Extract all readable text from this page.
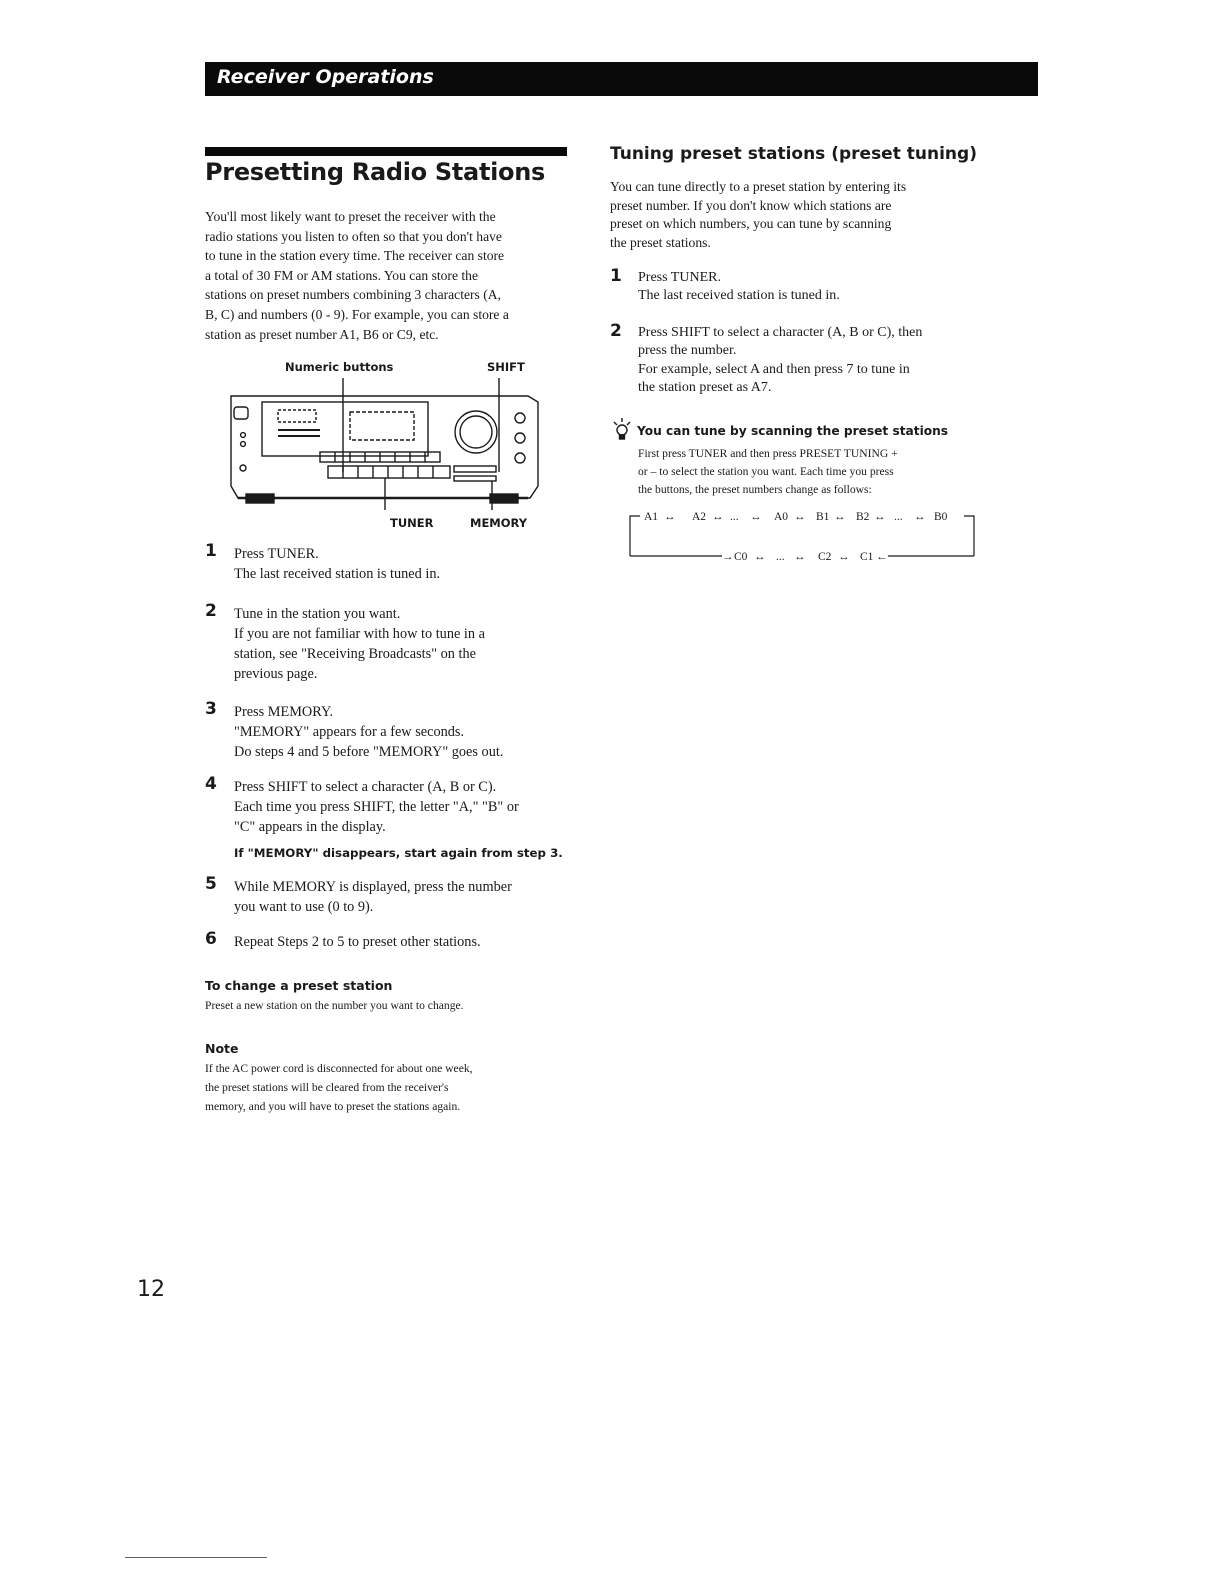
Receiver Operations
Presetting Radio Stations
You'll most likely want to preset the receiver with the
radio stations you listen to often so that you don't have
to tune in the station every time. The receiver can store
a total of 30 FM or AM stations. You can store the
stations on preset numbers combining 3 characters (A,
B, C) and numbers (0 - 9). For example, you can store a
station as preset number A1, B6 or C9, etc.
Numeric buttons	SHIFT
TUNER	MEMORY
1 Press TUNER.
The last received station is tuned in.
2 Tune in the station you want.
If you are not familiar with how to tune in a
station, see "Receiving Broadcasts" on the
previous page.
3 Press MEMORY.
"MEMORY" appears for a few seconds.
Do steps 4 and 5 before "MEMORY" goes out.
4 Press SHIFT to select a character (A, B or C).
Each time you press SHIFT, the letter "A," "B" or
"C" appears in the display.
If "MEMORY" disappears, start again from step 3.
5 While MEMORY is displayed, press the number
you want to use (0 to 9).
6 Repeat Steps 2 to 5 to preset other stations.
To change a preset station
Preset a new station on the number you want to change.
Note
If the AC power cord is disconnected for about one week,
the preset stations will be cleared from the receiver's
memory, and you will have to preset the stations again.
Tuning preset stations (preset tuning)
You can tune directly to a preset station by entering its
preset number. If you don't know which stations are
preset on which numbers, you can tune by scanning
the preset stations.
1 Press TUNER.
The last received station is tuned in.
2 Press SHIFT to select a character (A, B or C), then
press the number.
For example, select A and then press 7 to tune in
the station preset as A7.
You can tune by scanning the preset stations
First press TUNER and then press PRESET TUNING +
or – to select the station you want. Each time you press
the buttons, the preset numbers change as follows:
A1 ↔ A2 ↔ ... ↔ A0 ↔ B1 ↔ B2 ↔ ... ↔ B0
→ C0 ↔ ... ↔ C2 ↔ C1 ←
12
